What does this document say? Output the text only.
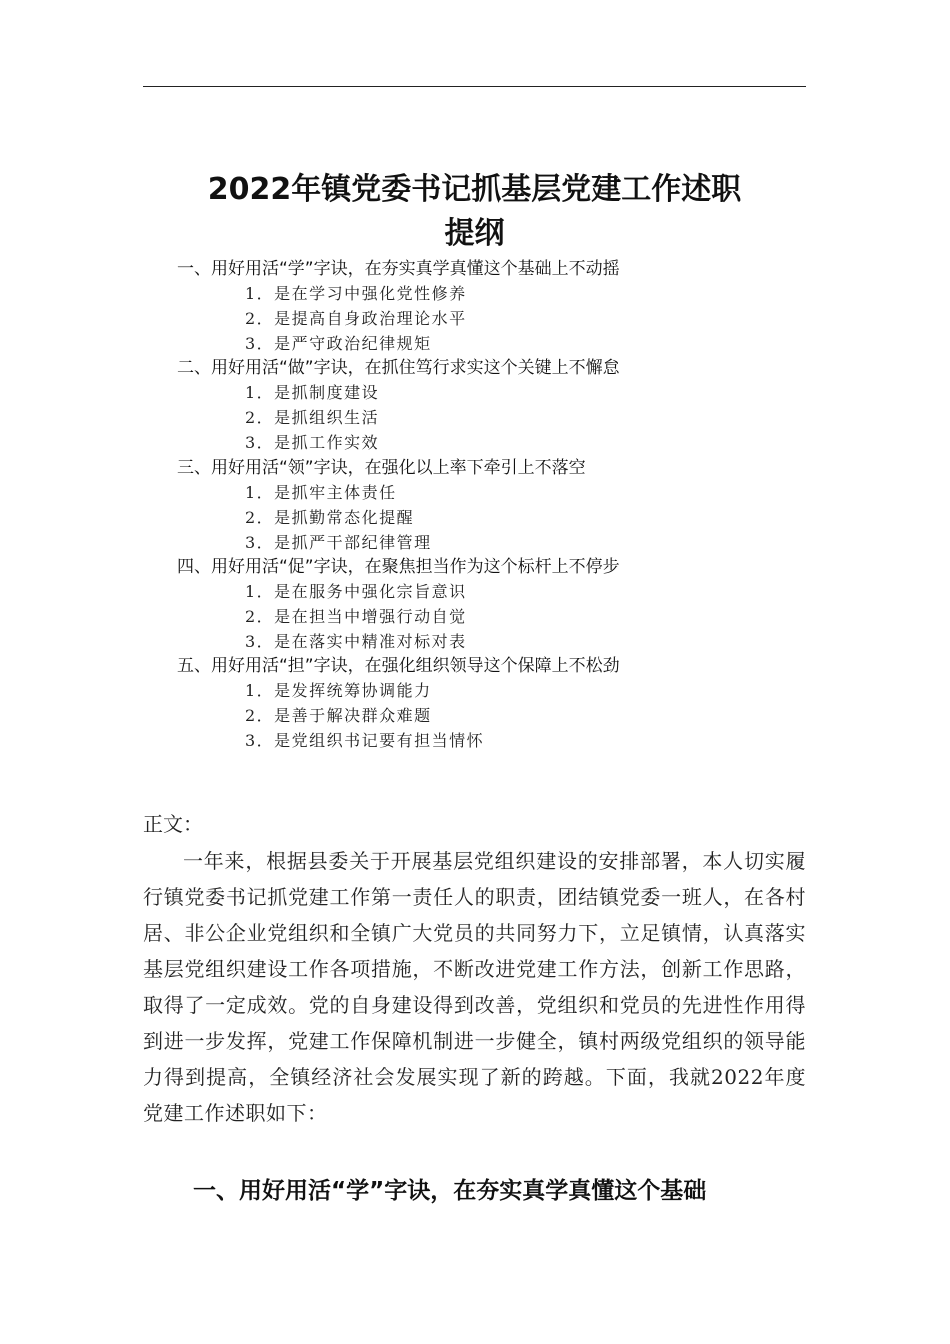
2022年镇党委书记抓基层党建工作述职
提纲
一、用好用活“学”字诀，在夯实真学真懂这个基础上不动摇
1．是在学习中强化党性修养
2．是提高自身政治理论水平
3．是严守政治纪律规矩
二、用好用活“做”字诀，在抓住笃行求实这个关键上不懈怠
1．是抓制度建设
2．是抓组织生活
3．是抓工作实效
三、用好用活“领”字诀，在强化以上率下牵引上不落空
1．是抓牢主体责任
2．是抓勤常态化提醒
3．是抓严干部纪律管理
四、用好用活“促”字诀，在聚焦担当作为这个标杆上不停步
1．是在服务中强化宗旨意识
2．是在担当中增强行动自觉
3．是在落实中精准对标对表
五、用好用活“担”字诀，在强化组织领导这个保障上不松劲
1．是发挥统筹协调能力
2．是善于解决群众难题
3．是党组织书记要有担当情怀
正文：
一年来，根据县委关于开展基层党组织建设的安排部署，本人切实履行镇党委书记抓党建工作第一责任人的职责，团结镇党委一班人，在各村居、非公企业党组织和全镇广大党员的共同努力下，立足镇情，认真落实基层党组织建设工作各项措施，不断改进党建工作方法，创新工作思路，取得了一定成效。党的自身建设得到改善，党组织和党员的先进性作用得到进一步发挥，党建工作保障机制进一步健全，镇村两级党组织的领导能力得到提高，全镇经济社会发展实现了新的跨越。下面，我就2022年度党建工作述职如下：
一、用好用活“学”字诀，在夯实真学真懂这个基础
